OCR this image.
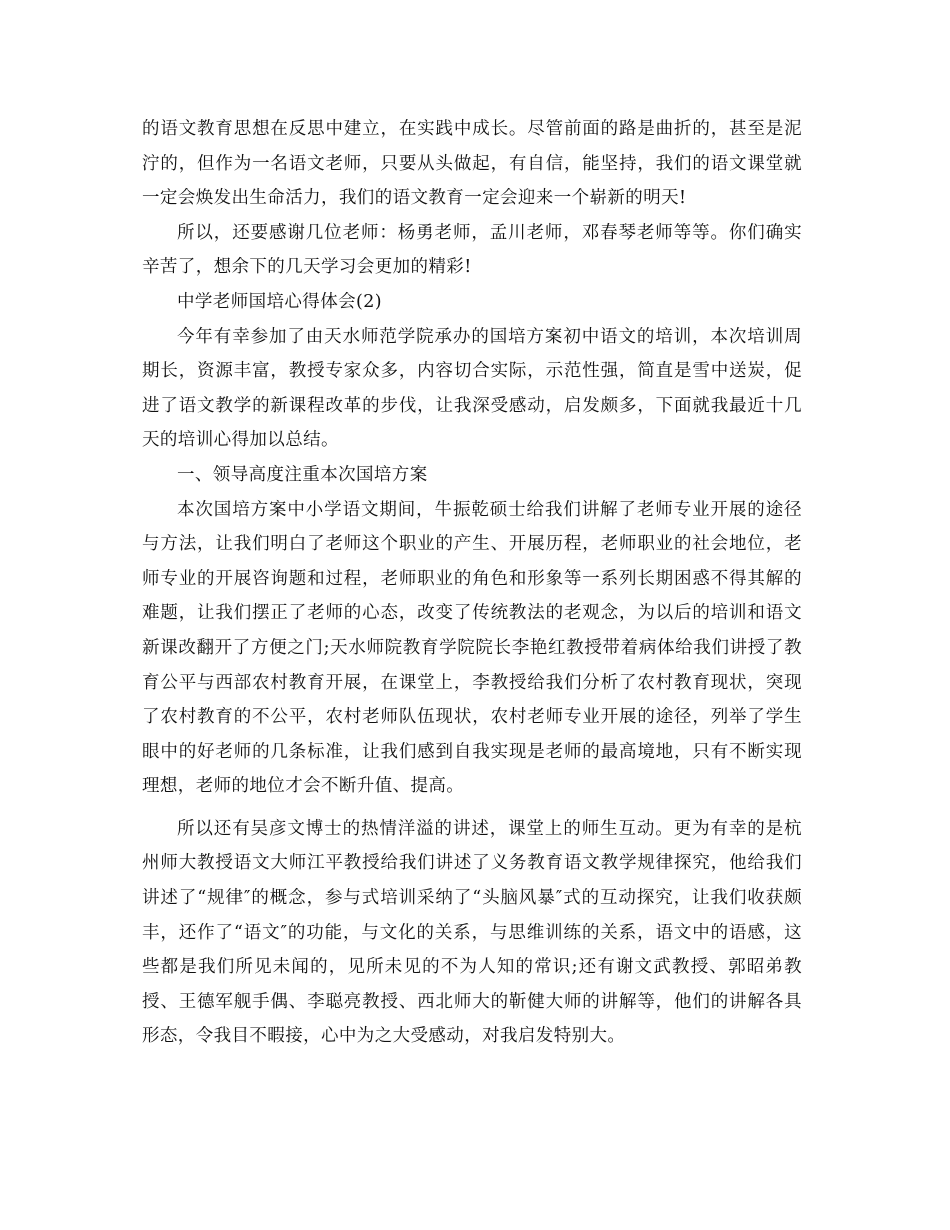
的语文教育思想在反思中建立，在实践中成长。尽管前面的路是曲折的，甚至是泥泞的，但作为一名语文老师，只要从头做起，有自信，能坚持，我们的语文课堂就一定会焕发出生命活力，我们的语文教育一定会迎来一个崭新的明天!

所以，还要感谢几位老师：杨勇老师，孟川老师，邓春琴老师等等。你们确实辛苦了，想余下的几天学习会更加的精彩!

中学老师国培心得体会(2)

今年有幸参加了由天水师范学院承办的国培方案初中语文的培训，本次培训周期长，资源丰富，教授专家众多，内容切合实际，示范性强，简直是雪中送炭，促进了语文教学的新课程改革的步伐，让我深受感动，启发颇多，下面就我最近十几天的培训心得加以总结。

一、领导高度注重本次国培方案

本次国培方案中小学语文期间，牛振乾硕士给我们讲解了老师专业开展的途径与方法，让我们明白了老师这个职业的产生、开展历程，老师职业的社会地位，老师专业的开展咨询题和过程，老师职业的角色和形象等一系列长期困惑不得其解的难题，让我们摆正了老师的心态，改变了传统教法的老观念，为以后的培训和语文新课改翻开了方便之门;天水师院教育学院院长李艳红教授带着病体给我们讲授了教育公平与西部农村教育开展，在课堂上，李教授给我们分析了农村教育现状，突现了农村教育的不公平，农村老师队伍现状，农村老师专业开展的途径，列举了学生眼中的好老师的几条标准，让我们感到自我实现是老师的最高境地，只有不断实现理想，老师的地位才会不断升值、提高。

所以还有吴彦文博士的热情洋溢的讲述，课堂上的师生互动。更为有幸的是杭州师大教授语文大师江平教授给我们讲述了义务教育语文教学规律探究，他给我们讲述了“规律″的概念，参与式培训采纳了“头脑风暴″式的互动探究，让我们收获颇丰，还作了“语文″的功能，与文化的关系，与思维训练的关系，语文中的语感，这些都是我们所见未闻的，见所未见的不为人知的常识;还有谢文武教授、郭昭弟教授、王德军舰手偶、李聪亮教授、西北师大的靳健大师的讲解等，他们的讲解各具形态，令我目不暇接，心中为之大受感动，对我启发特别大。
